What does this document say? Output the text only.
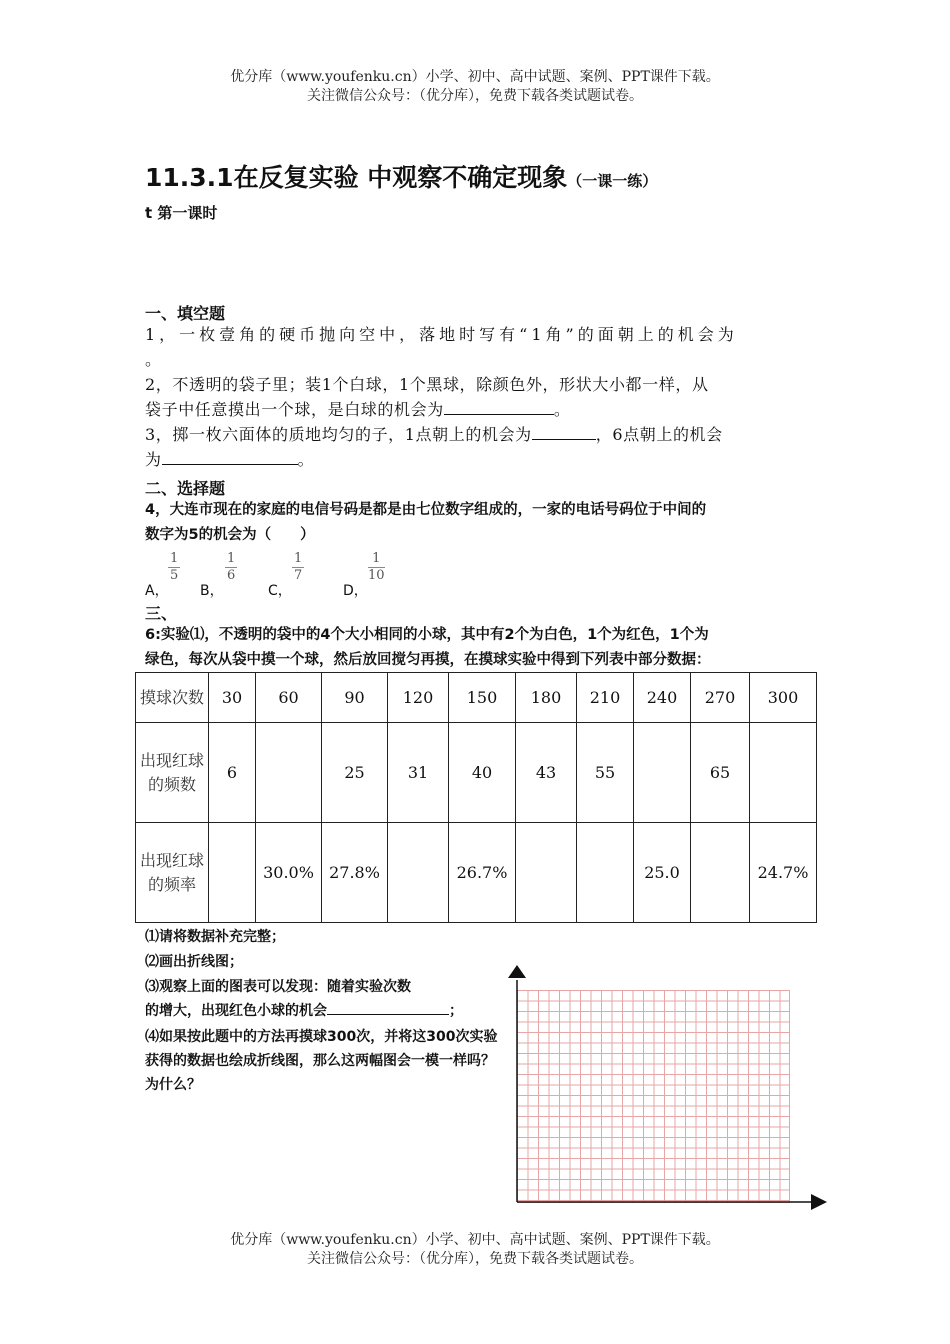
优分库（www.youfenku.cn）小学、初中、高中试题、案例、PPT课件下载。
关注微信公众号：（优分库），免费下载各类试题试卷。
11.3.1在反复实验 中观察不确定现象（一课一练）
t 第一课时
一、填空题
1，一枚壹角的硬币抛向空中，落地时写有“1角”的面朝上的机会为
。
2，不透明的袋子里；装1个白球，1个黑球，除颜色外，形状大小都一样，从
袋子中任意摸出一个球，是白球的机会为	。
3，掷一枚六面体的质地均匀的子，1点朝上的机会为	，6点朝上的机会
为	。
二、选择题
4，大连市现在的家庭的电信号码是都是由七位数字组成的，一家的电话号码位于中间的
数字为5的机会为（　　）
A，
$\frac{1}{5}$
B，
$\frac{1}{6}$
C，
$\frac{1}{7}$
D，
$\frac{1}{10}$
三、
6:实验⑴，不透明的袋中的4个大小相同的小球，其中有2个为白色，1个为红色，1个为
绿色，每次从袋中摸一个球，然后放回搅匀再摸，在摸球实验中得到下列表中部分数据：
摸球次数	30	60	90	120	150	180	210	240	270	300
出现红球的频数	6		25	31	40	43	55		65	
出现红球的频率		30.0%	27.8%		26.7%			25.0		24.7%
⑴请将数据补充完整；
⑵画出折线图；
⑶观察上面的图表可以发现：随着实验次数
的增大，出现红色小球的机会	；
⑷如果按此题中的方法再摸球300次，并将这300次实验获得的数据也绘成折线图，那么这两幅图会一模一样吗？为什么？
优分库（www.youfenku.cn）小学、初中、高中试题、案例、PPT课件下载。
关注微信公众号：（优分库），免费下载各类试题试卷。
